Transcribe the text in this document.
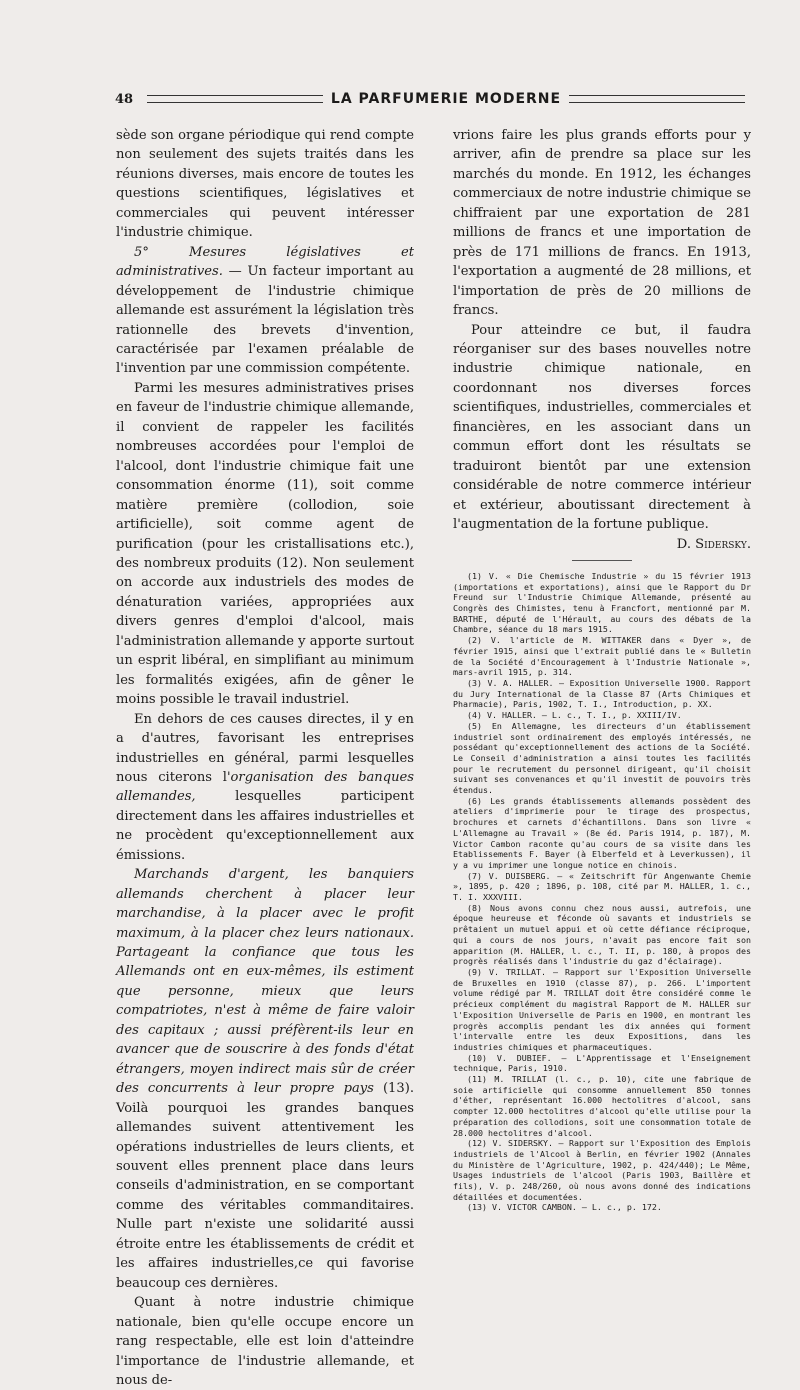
48	LA PARFUMERIE MODERNE

sède son organe périodique qui rend compte non seulement des sujets traités dans les réunions diverses, mais encore de toutes les questions scientifiques, législatives et commerciales qui peuvent intéresser l'industrie chimique.

5° Mesures législatives et administratives. — Un facteur important au développement de l'industrie chimique allemande est assurément la législation très rationnelle des brevets d'invention, caractérisée par l'examen préalable de l'invention par une commission compétente.

Parmi les mesures administratives prises en faveur de l'industrie chimique allemande, il convient de rappeler les facilités nombreuses accordées pour l'emploi de l'alcool, dont l'industrie chimique fait une consommation énorme (11), soit comme matière première (collodion, soie artificielle), soit comme agent de purification (pour les cristallisations etc.), des nombreux produits (12). Non seulement on accorde aux industriels des modes de dénaturation variées, appropriées aux divers genres d'emploi d'alcool, mais l'administration allemande y apporte surtout un esprit libéral, en simplifiant au minimum les formalités exigées, afin de gêner le moins possible le travail industriel.

En dehors de ces causes directes, il y en a d'autres, favorisant les entreprises industrielles en général, parmi lesquelles nous citerons l'organisation des banques allemandes, lesquelles participent directement dans les affaires industrielles et ne procèdent qu'exceptionnellement aux émissions.

Marchands d'argent, les banquiers allemands cherchent à placer leur marchandise, à la placer avec le profit maximum, à la placer chez leurs nationaux. Partageant la confiance que tous les Allemands ont en eux-mêmes, ils estiment que personne, mieux que leurs compatriotes, n'est à même de faire valoir des capitaux ; aussi préfèrent-ils leur en avancer que de souscrire à des fonds d'état étrangers, moyen indirect mais sûr de créer des concurrents à leur propre pays (13). Voilà pourquoi les grandes banques allemandes suivent attentivement les opérations industrielles de leurs clients, et souvent elles prennent place dans leurs conseils d'administration, en se comportant comme des véritables commanditaires. Nulle part n'existe une solidarité aussi étroite entre les établissements de crédit et les affaires industrielles,ce qui favorise beaucoup ces dernières.

Quant à notre industrie chimique nationale, bien qu'elle occupe encore un rang respectable, elle est loin d'atteindre l'importance de l'industrie allemande, et nous de-

vrions faire les plus grands efforts pour y arriver, afin de prendre sa place sur les marchés du monde. En 1912, les échanges commerciaux de notre industrie chimique se chiffraient par une exportation de 281 millions de francs et une importation de près de 171 millions de francs. En 1913, l'exportation a augmenté de 28 millions, et l'importation de près de 20 millions de francs.

Pour atteindre ce but, il faudra réorganiser sur des bases nouvelles notre industrie chimique nationale, en coordonnant nos diverses forces scientifiques, industrielles, commerciales et financières, en les associant dans un commun effort dont les résultats se traduiront bientôt par une extension considérable de notre commerce intérieur et extérieur, aboutissant directement à l'augmentation de la fortune publique.

D. Sidersky.

(1) V. « Die Chemische Industrie » du 15 février 1913 (importations et exportations), ainsi que le Rapport du Dr Freund sur l'Industrie Chimique Allemande, présenté au Congrès des Chimistes, tenu à Francfort, mentionné par M. BARTHE, député de l'Hérault, au cours des débats de la Chambre, séance du 18 mars 1915.

(2) V. l'article de M. WITTAKER dans « Dyer », de février 1915, ainsi que l'extrait publié dans le « Bulletin de la Société d'Encouragement à l'Industrie Nationale », mars-avril 1915, p. 314.

(3) V. A. HALLER. — Exposition Universelle 1900. Rapport du Jury International de la Classe 87 (Arts Chimiques et Pharmacie), Paris, 1902, T. I., Introduction, p. XX.

(4) V. HALLER. — L. c., T. I., p. XXIII/IV.

(5) En Allemagne, les directeurs d'un établissement industriel sont ordinairement des employés intéressés, ne possédant qu'exceptionnellement des actions de la Société. Le Conseil d'administration a ainsi toutes les facilités pour le recrutement du personnel dirigeant, qu'il choisit suivant ses convenances et qu'il investit de pouvoirs très étendus.

(6) Les grands établissements allemands possèdent des ateliers d'imprimerie pour le tirage des prospectus, brochures et carnets d'échantillons. Dans son livre « L'Allemagne au Travail » (8e éd. Paris 1914, p. 187), M. Victor Cambon raconte qu'au cours de sa visite dans les Etablissements F. Bayer (à Elberfeld et à Leverkussen), il y a vu imprimer une longue notice en chinois.

(7) V. DUISBERG. — « Zeitschrift für Angenwante Chemie », 1895, p. 420 ; 1896, p. 108, cité par M. HALLER, 1. c., T. I. XXXVIII.

(8) Nous avons connu chez nous aussi, autrefois, une époque heureuse et féconde où savants et industriels se prêtaient un mutuel appui et où cette défiance réciproque, qui a cours de nos jours, n'avait pas encore fait son apparition (M. HALLER, l. c., T. II, p. 180, à propos des progrès réalisés dans l'industrie du gaz d'éclairage).

(9) V. TRILLAT. — Rapport sur l'Exposition Universelle de Bruxelles en 1910 (classe 87), p. 266. L'importent volume rédigé par M. TRILLAT doit être considéré comme le précieux complément du magistral Rapport de M. HALLER sur l'Exposition Universelle de Paris en 1900, en montrant les progrès accomplis pendant les dix années qui forment l'intervalle entre les deux Expositions, dans les industries chimiques et pharmaceutiques.

(10) V. DUBIEF. — L'Apprentissage et l'Enseignement technique, Paris, 1910.

(11) M. TRILLAT (l. c., p. 10), cite une fabrique de soie artificielle qui consomme annuellement 850 tonnes d'éther, représentant 16.000 hectolitres d'alcool, sans compter 12.000 hectolitres d'alcool qu'elle utilise pour la préparation des collodions, soit une consommation totale de 28.000 hectolitres d'alcool.

(12) V. SIDERSKY. — Rapport sur l'Exposition des Emplois industriels de l'Alcool à Berlin, en février 1902 (Annales du Ministère de l'Agriculture, 1902, p. 424/440); Le Même, Usages industriels de l'alcool (Paris 1903, Baillère et fils), V. p. 248/260, où nous avons donné des indications détaillées et documentées.

(13) V. VICTOR CAMBON. — L. c., p. 172.
